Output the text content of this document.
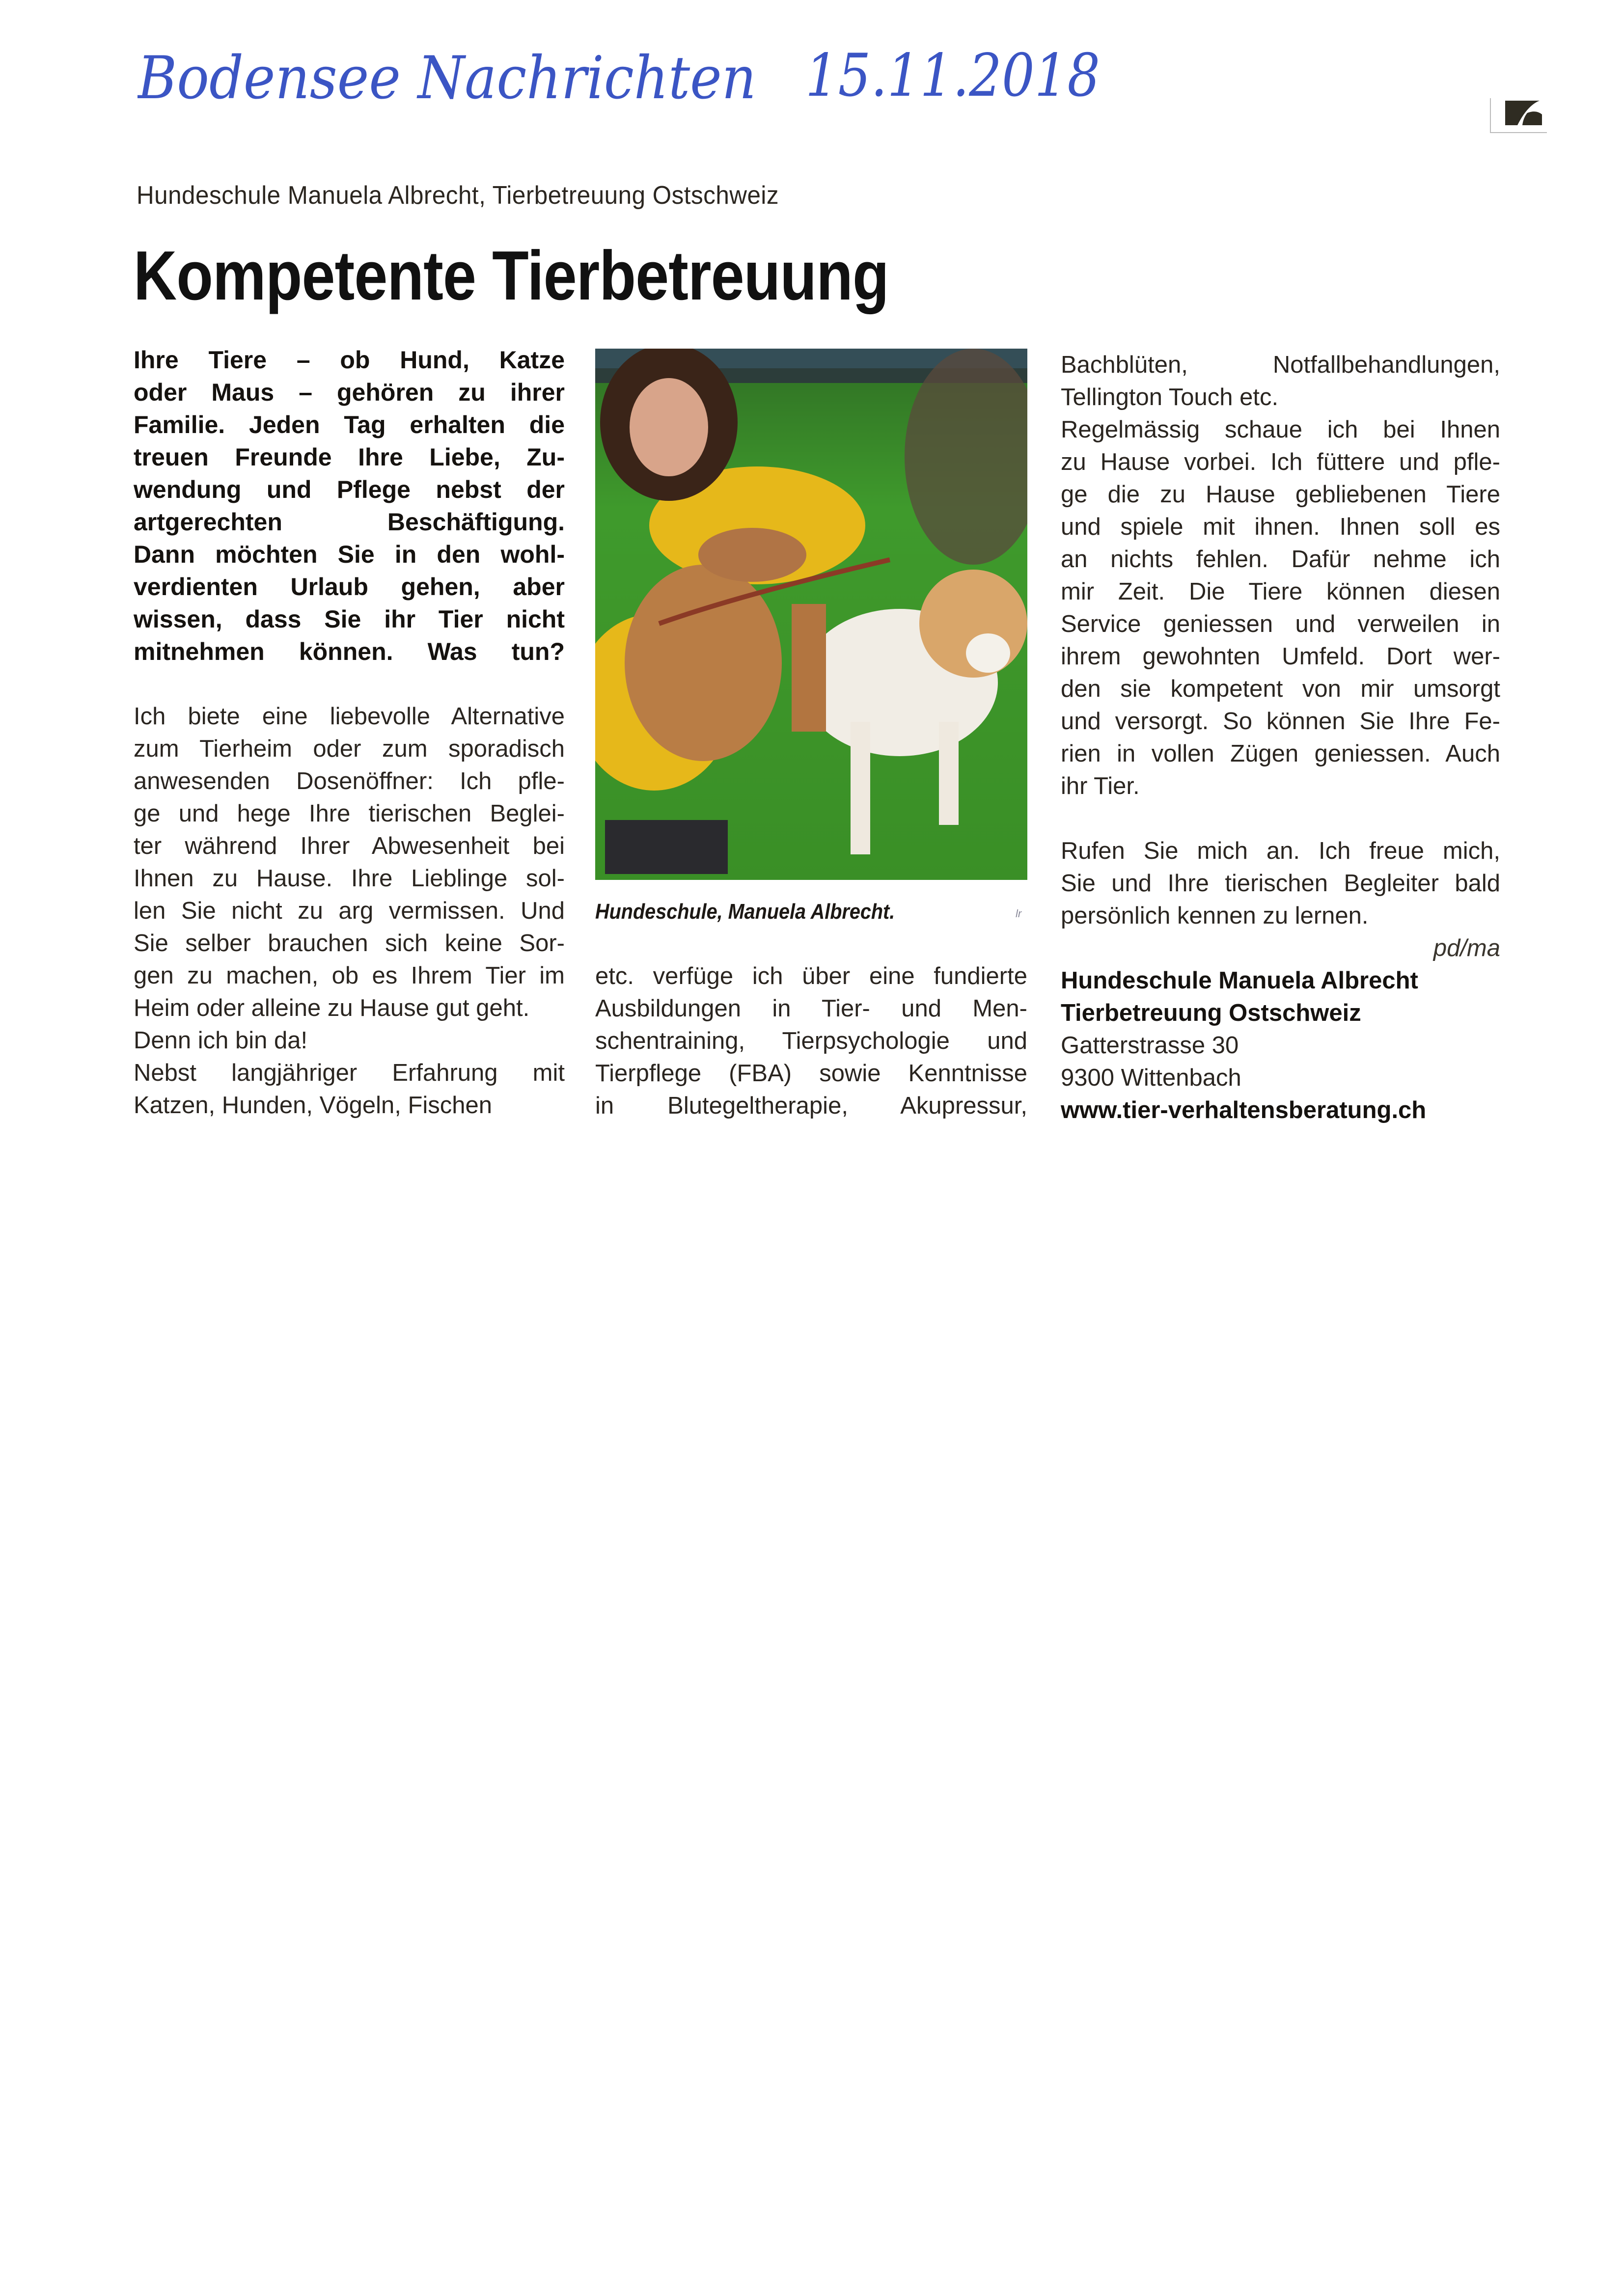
Bodensee Nachrichten 15.11.2018
Hundeschule Manuela Albrecht, Tierbetreuung Ostschweiz
Kompetente Tierbetreuung
Ihre Tiere – ob Hund, Katze
oder Maus – gehören zu ihrer
Familie. Jeden Tag erhalten die
treuen Freunde Ihre Liebe, Zu-
wendung und Pflege nebst der
artgerechten Beschäftigung.
Dann möchten Sie in den wohl-
verdienten Urlaub gehen, aber
wissen, dass Sie ihr Tier nicht
mitnehmen können. Was tun?
Ich biete eine liebevolle Alternative
zum Tierheim oder zum sporadisch
anwesenden Dosenöffner: Ich pfle-
ge und hege Ihre tierischen Beglei-
ter während Ihrer Abwesenheit bei
Ihnen zu Hause. Ihre Lieblinge sol-
len Sie nicht zu arg vermissen. Und
Sie selber brauchen sich keine Sor-
gen zu machen, ob es Ihrem Tier im
Heim oder alleine zu Hause gut geht.
Denn ich bin da!
Nebst langjähriger Erfahrung mit
Katzen, Hunden, Vögeln, Fischen
Hundeschule, Manuela Albrecht.	lr
etc. verfüge ich über eine fundierte
Ausbildungen in Tier- und Men-
schentraining, Tierpsychologie und
Tierpflege (FBA) sowie Kenntnisse
in Blutegeltherapie, Akupressur,
Bachblüten, Notfallbehandlungen,
Tellington Touch etc.
Regelmässig schaue ich bei Ihnen
zu Hause vorbei. Ich füttere und pfle-
ge die zu Hause gebliebenen Tiere
und spiele mit ihnen. Ihnen soll es
an nichts fehlen. Dafür nehme ich
mir Zeit. Die Tiere können diesen
Service geniessen und verweilen in
ihrem gewohnten Umfeld. Dort wer-
den sie kompetent von mir umsorgt
und versorgt. So können Sie Ihre Fe-
rien in vollen Zügen geniessen. Auch
ihr Tier.
Rufen Sie mich an. Ich freue mich,
Sie und Ihre tierischen Begleiter bald
persönlich kennen zu lernen.
pd/ma
Hundeschule Manuela Albrecht
Tierbetreuung Ostschweiz
Gatterstrasse 30
9300 Wittenbach
www.tier-verhaltensberatung.ch
